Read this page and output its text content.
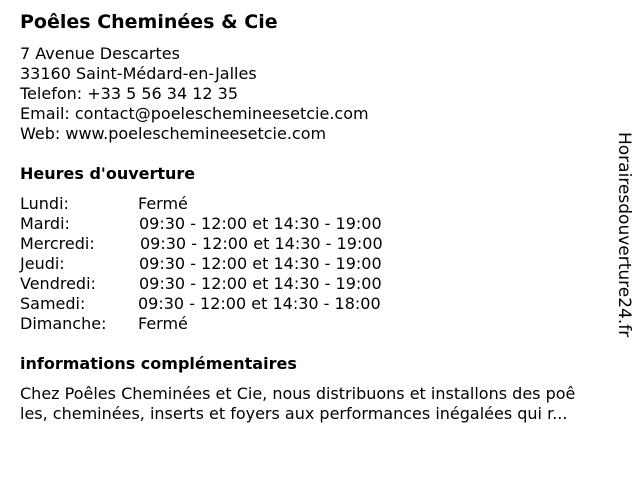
Poêles Cheminées & Cie
7 Avenue Descartes
33160 Saint-Médard-en-Jalles
Telefon: +33 5 56 34 12 35
Email: contact@poeleschemineesetcie.com
Web: www.poeleschemineesetcie.com
Heures d'ouverture
Lundi:	Fermé
Mardi:	09:30 - 12:00 et 14:30 - 19:00
Mercredi:	09:30 - 12:00 et 14:30 - 19:00
Jeudi:	09:30 - 12:00 et 14:30 - 19:00
Vendredi:	09:30 - 12:00 et 14:30 - 19:00
Samedi:	09:30 - 12:00 et 14:30 - 18:00
Dimanche: Fermé
informations complémentaires
Chez Poêles Cheminées et Cie, nous distribuons et installons des poê
les, cheminées, inserts et foyers aux performances inégalées qui r...
Horairesdouverture24.fr
